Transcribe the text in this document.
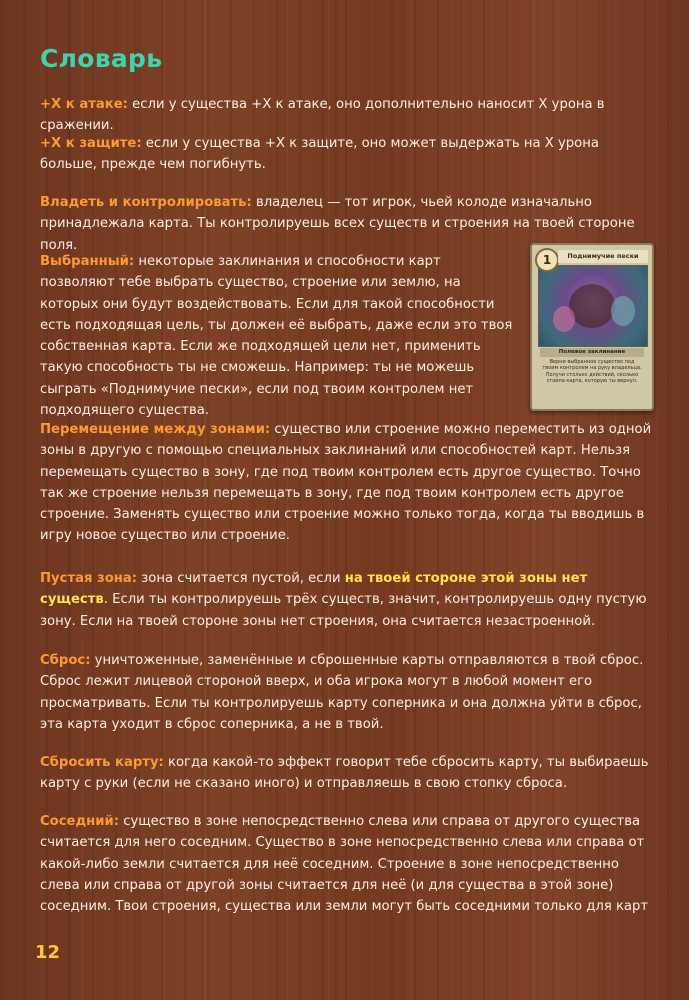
Словарь

+X к атаке: если у существа +X к атаке, оно дополнительно наносит X урона в сражении.

+X к защите: если у существа +X к защите, оно может выдержать на X урона больше, прежде чем погибнуть.

Владеть и контролировать: владелец — тот игрок, чьей колоде изначально принадлежала карта. Ты контролируешь всех существ и строения на твоей стороне поля.

Выбранный: некоторые заклинания и способности карт позволяют тебе выбрать существо, строение или землю, на которых они будут воздействовать. Если для такой способности есть подходящая цель, ты должен её выбрать, даже если это твоя собственная карта. Если же подходящей цели нет, применить такую способность ты не сможешь. Например: ты не можешь сыграть «Поднимучие пески», если под твоим контролем нет подходящего существа.

1	Поднимучие пески
Полевое заклинание
Верни выбранное существо под твоим контролем на руку владельца. Получи столько действий, сколько стоила карта, которую ты вернул.

Перемещение между зонами: существо или строение можно переместить из одной зоны в другую с помощью специальных заклинаний или способностей карт. Нельзя перемещать существо в зону, где под твоим контролем есть другое существо. Точно так же строение нельзя перемещать в зону, где под твоим контролем есть другое строение. Заменять существо или строение можно только тогда, когда ты вводишь в игру новое существо или строение.

Пустая зона: зона считается пустой, если на твоей стороне этой зоны нет существ. Если ты контролируешь трёх существ, значит, контролируешь одну пустую зону. Если на твоей стороне зоны нет строения, она считается незастроенной.

Сброс: уничтоженные, заменённые и сброшенные карты отправляются в твой сброс. Сброс лежит лицевой стороной вверх, и оба игрока могут в любой момент его просматривать. Если ты контролируешь карту соперника и она должна уйти в сброс, эта карта уходит в сброс соперника, а не в твой.

Сбросить карту: когда какой-то эффект говорит тебе сбросить карту, ты выбираешь карту с руки (если не сказано иного) и отправляешь в свою стопку сброса.

Соседний: существо в зоне непосредственно слева или справа от другого существа считается для него соседним. Существо в зоне непосредственно слева или справа от какой-либо земли считается для неё соседним. Строение в зоне непосредственно слева или справа от другой зоны считается для неё (и для существа в этой зоне) соседним. Твои строения, существа или земли могут быть соседними только для карт

12
